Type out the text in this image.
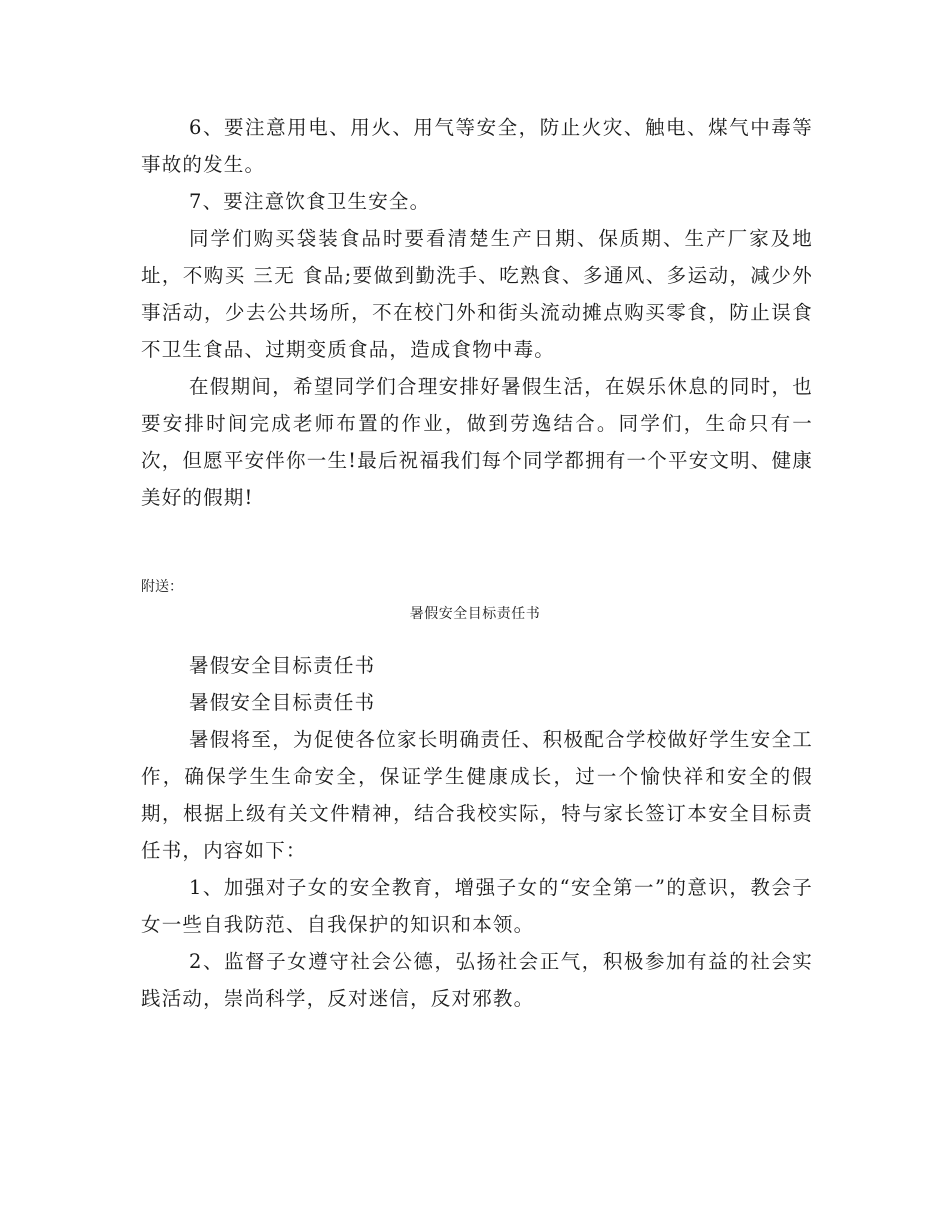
6、要注意用电、用火、用气等安全，防止火灾、触电、煤气中毒等事故的发生。

7、要注意饮食卫生安全。

同学们购买袋装食品时要看清楚生产日期、保质期、生产厂家及地址，不购买 三无 食品;要做到勤洗手、吃熟食、多通风、多运动，减少外事活动，少去公共场所，不在校门外和街头流动摊点购买零食，防止误食不卫生食品、过期变质食品，造成食物中毒。

在假期间，希望同学们合理安排好暑假生活，在娱乐休息的同时，也要安排时间完成老师布置的作业，做到劳逸结合。同学们，生命只有一次，但愿平安伴你一生!最后祝福我们每个同学都拥有一个平安文明、健康美好的假期!

附送：

暑假安全目标责任书

暑假安全目标责任书

暑假安全目标责任书

暑假将至，为促使各位家长明确责任、积极配合学校做好学生安全工作，确保学生生命安全，保证学生健康成长，过一个愉快祥和安全的假期，根据上级有关文件精神，结合我校实际，特与家长签订本安全目标责任书，内容如下：

1、加强对子女的安全教育，增强子女的“安全第一”的意识，教会子女一些自我防范、自我保护的知识和本领。

2、监督子女遵守社会公德，弘扬社会正气，积极参加有益的社会实践活动，崇尚科学，反对迷信，反对邪教。
